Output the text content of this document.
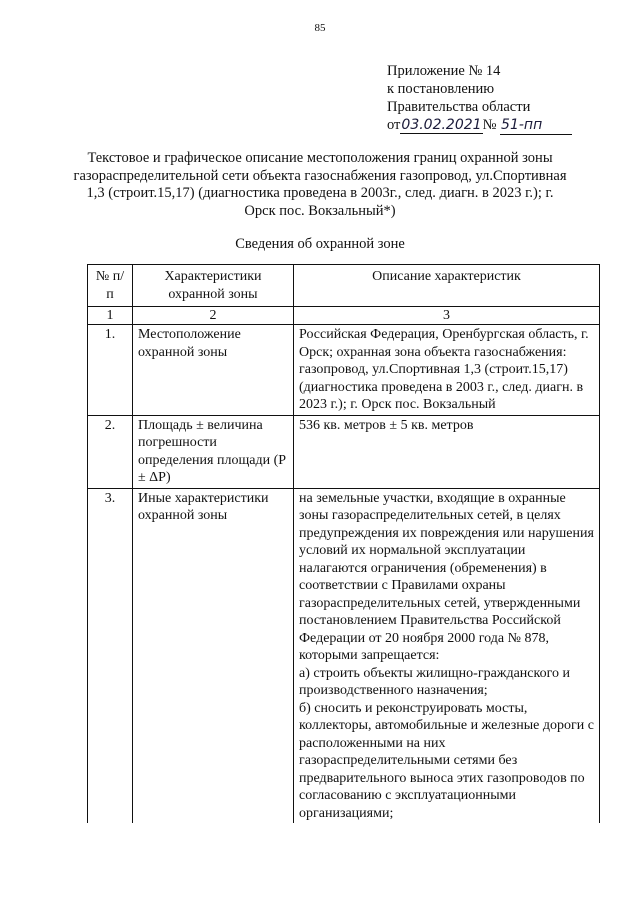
85
Приложение № 14
к постановлению
Правительства области
от03.02.2021№ 51-пп
Текстовое и графическое описание местоположения границ охранной зоны газораспределительной сети объекта газоснабжения газопровод, ул.Спортивная 1,3 (строит.15,17) (диагностика проведена в 2003г., след. диагн. в 2023 г.); г. Орск пос. Вокзальный*)
Сведения об охранной зоне
№ п/п	Характеристики охранной зоны	Описание характеристик
1	2	3
1.	Местоположение охранной зоны	Российская Федерация, Оренбургская область, г. Орск; охранная зона объекта газоснабжения: газопровод, ул.Спортивная 1,3 (строит.15,17) (диагностика проведена в 2003 г., след. диагн. в 2023 г.); г. Орск пос. Вокзальный

2.	Площадь ± величина погрешности определения площади (P ± ΔP)	536 кв. метров ± 5 кв. метров

3.	Иные характеристики охранной зоны	на земельные участки, входящие в охранные зоны газораспределительных сетей, в целях предупреждения их повреждения или нарушения условий их нормальной эксплуатации налагаются ограничения (обременения) в соответствии с Правилами охраны газораспределительных сетей, утвержденными постановлением Правительства Российской Федерации от 20 ноября 2000 года № 878, которыми запрещается:
а) строить объекты жилищно-гражданского и производственного назначения;
б) сносить и реконструировать мосты, коллекторы, автомобильные и железные дороги с расположенными на них газораспределительными сетями без предварительного выноса этих газопроводов по согласованию с эксплуатационными организациями;
